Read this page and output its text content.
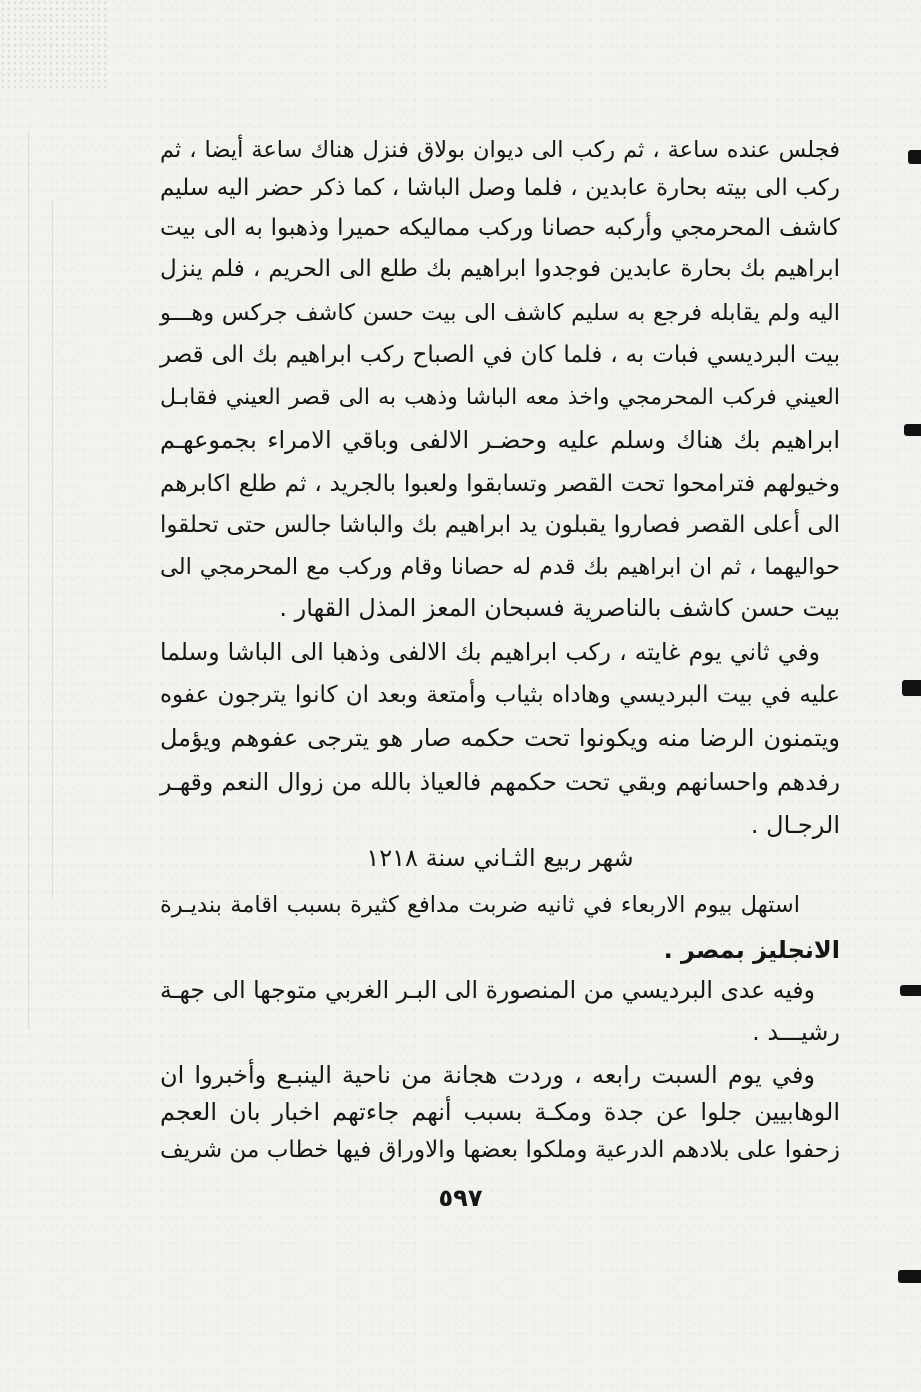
فجلس عنده ساعة ، ثم ركب الى ديوان بولاق فنزل هناك ساعة أيضا ، ثم
ركب الى بيته بحارة عابدين ، فلما وصل الباشا ، كما ذكر حضر اليه سليم
كاشف المحرمجي وأركبه حصانا وركب مماليكه حميرا وذهبوا به الى بيت
ابراهيم بك بحارة عابدين فوجدوا ابراهيم بك طلع الى الحريم ، فلم ينزل
اليه ولم يقابله فرجع به سليم كاشف الى بيت حسن كاشف جركس وهـــو
بيت البرديسي فبات به ، فلما كان في الصباح ركب ابراهيم بك الى قصر
العيني فركب المحرمجي واخذ معه الباشا وذهب به الى قصر العيني فقابـل
ابراهيم بك هناك وسلم عليه وحضـر الالفى وباقي الامراء بجموعهـم
وخيولهم فترامحوا تحت القصر وتسابقوا ولعبوا بالجريد ، ثم طلع اكابرهم
الى أعلى القصر فصاروا يقبلون يد ابراهيم بك والباشا جالس حتى تحلقوا
حواليهما ، ثم ان ابراهيم بك قدم له حصانا وقام وركب مع المحرمجي الى
بيت حسن كاشف بالناصرية فسبحان المعز المذل القهار .
وفي ثاني يوم غايته ، ركب ابراهيم بك الالفى وذهبا الى الباشا وسلما
عليه في بيت البرديسي وهاداه بثياب وأمتعة وبعد ان كانوا يترجون عفوه
ويتمنون الرضا منه ويكونوا تحت حكمه صار هو يترجى عفوهم ويؤمل
رفدهم واحسانهم وبقي تحت حكمهم فالعياذ بالله من زوال النعم وقهـر
الرجـال .
شهر ربيع الثـاني سنة ١٢١٨
استهل بيوم الاربعاء في ثانيه ضربت مدافع كثيرة بسبب اقامة بنديـرة
الانجليز بمصر .
وفيه عدى البرديسي من المنصورة الى البـر الغربي متوجها الى جهـة
رشيـــد .
وفي يوم السبت رابعه ، وردت هجانة من ناحية الينبـع وأخبروا ان
الوهابيين جلوا عن جدة ومكـة بسبب أنهم جاءتهم اخبار بان العجم
زحفوا على بلادهم الدرعية وملكوا بعضها والاوراق فيها خطاب من شريف
٥٩٧
